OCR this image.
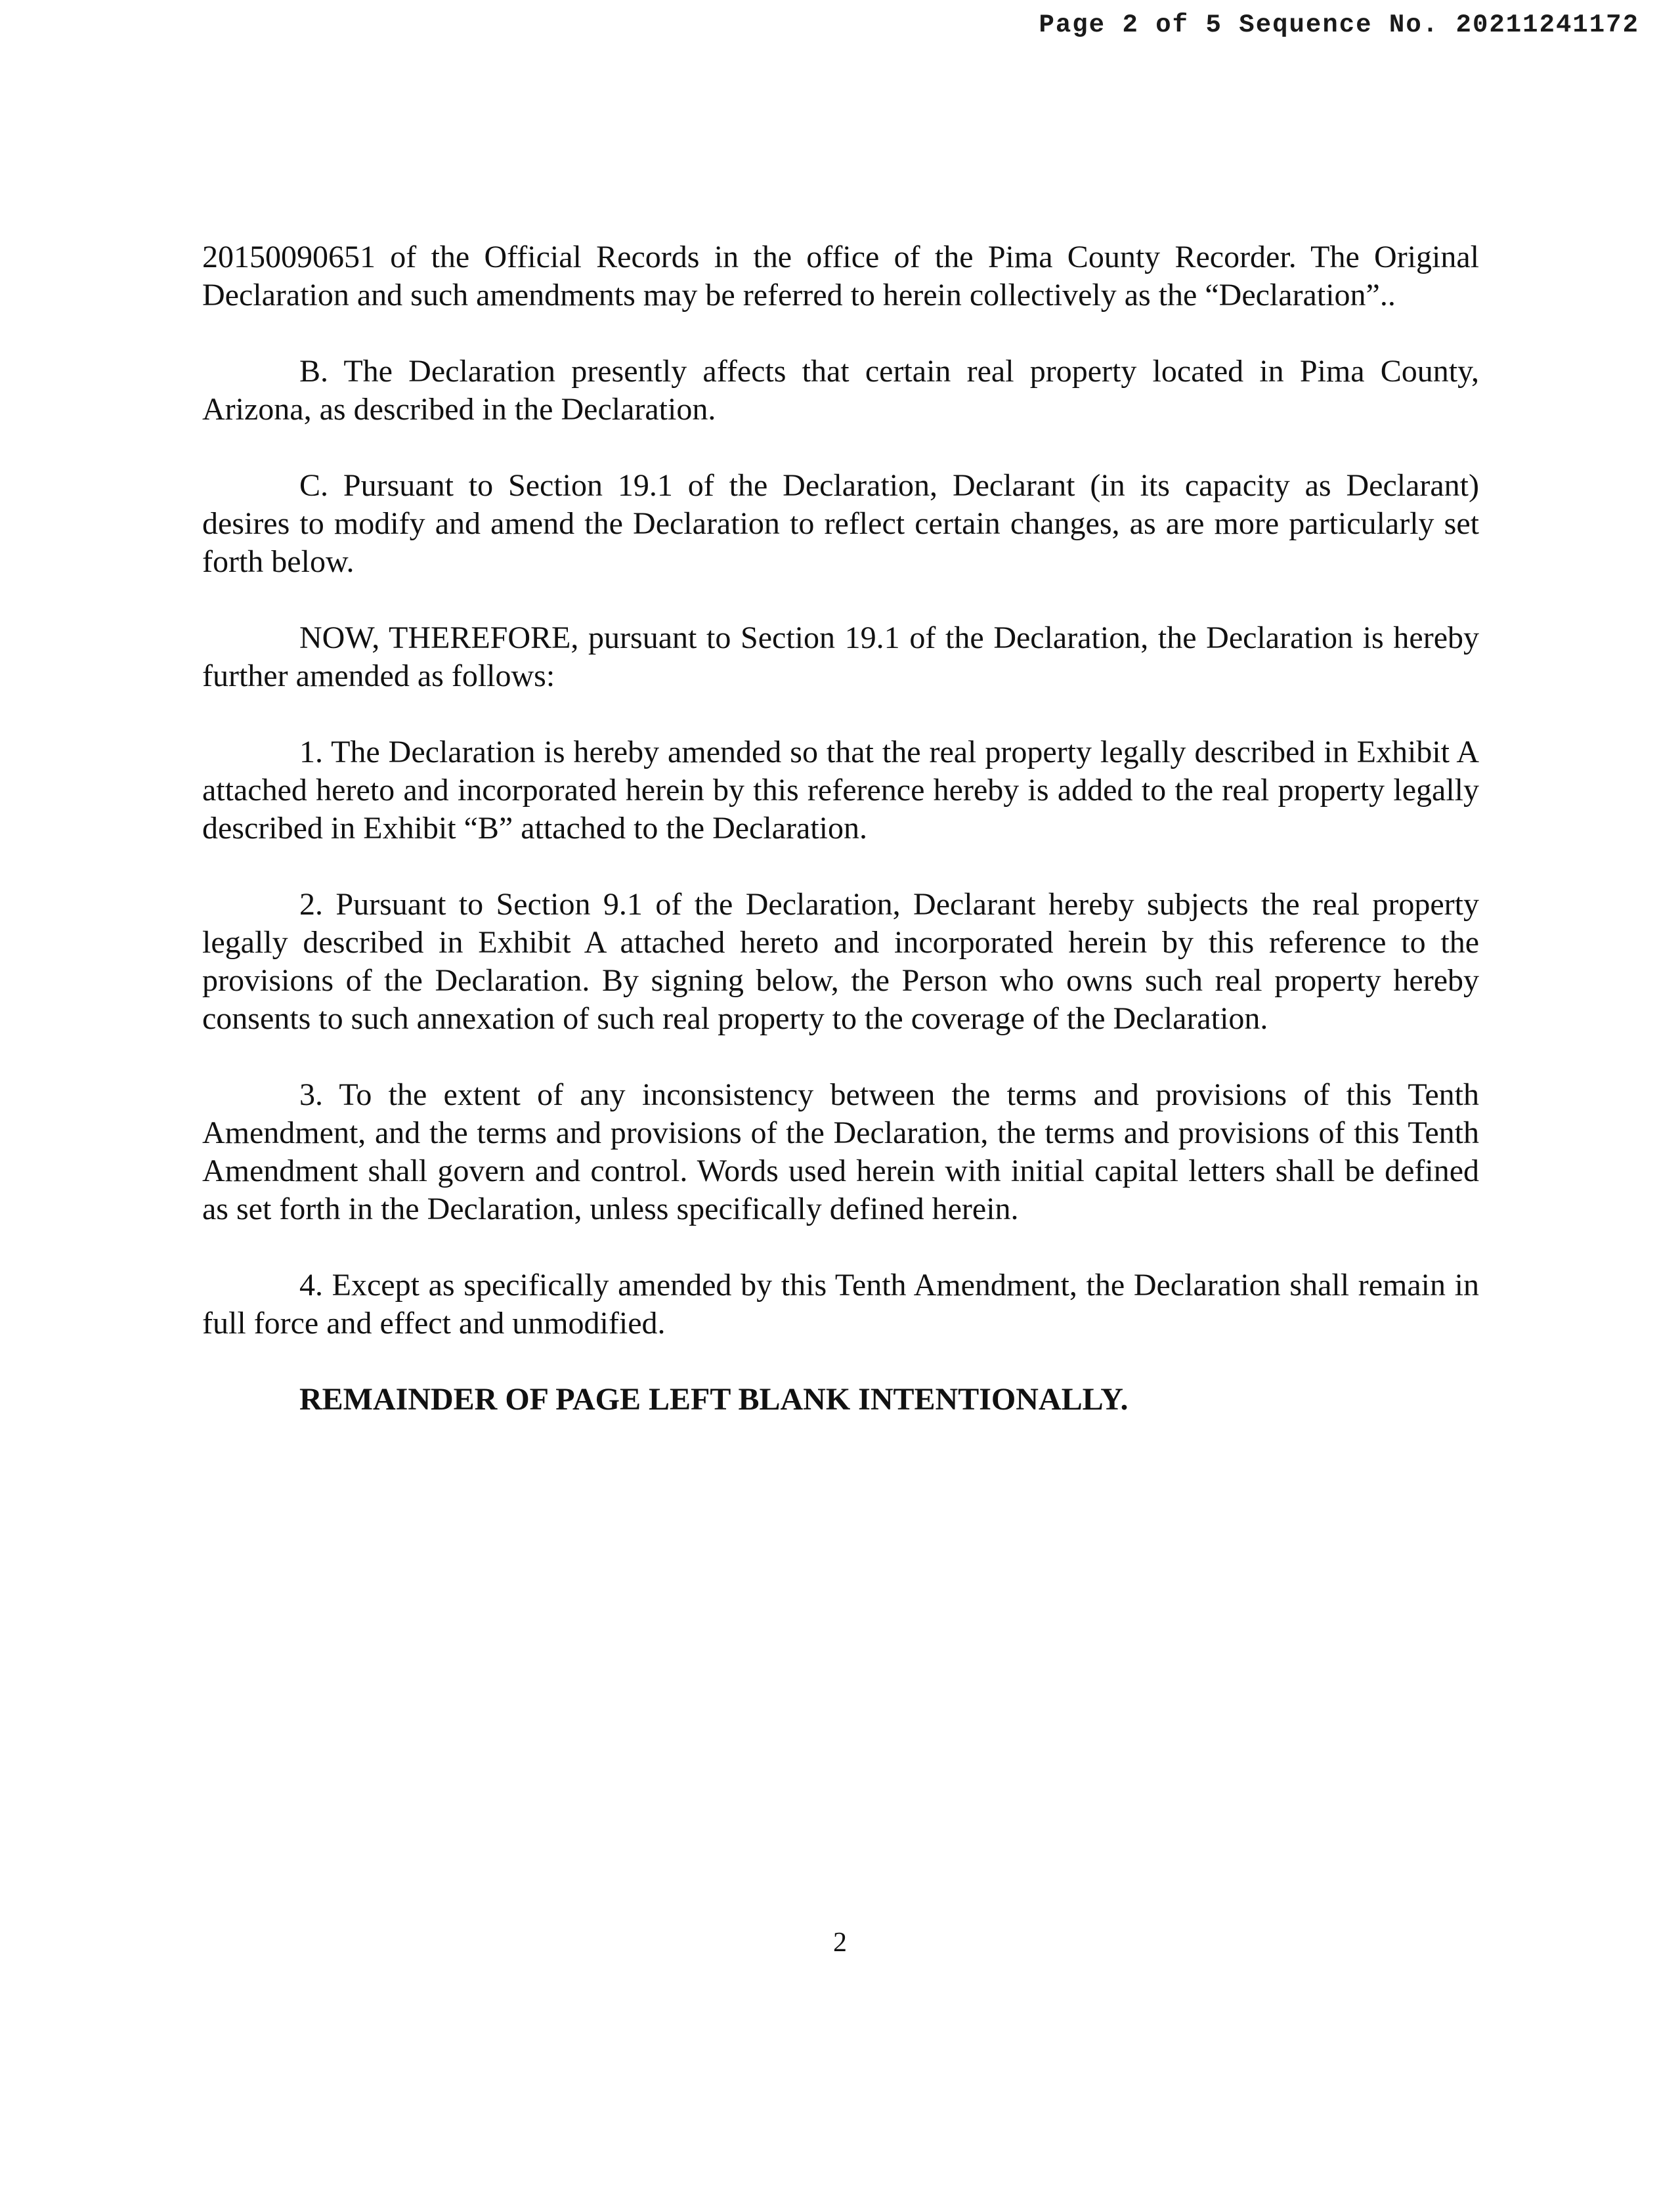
Page 2 of 5 Sequence No. 20211241172

20150090651 of the Official Records in the office of the Pima County Recorder. The Original Declaration and such amendments may be referred to herein collectively as the “Declaration”..

B. The Declaration presently affects that certain real property located in Pima County, Arizona, as described in the Declaration.

C. Pursuant to Section 19.1 of the Declaration, Declarant (in its capacity as Declarant) desires to modify and amend the Declaration to reflect certain changes, as are more particularly set forth below.

NOW, THEREFORE, pursuant to Section 19.1 of the Declaration, the Declaration is hereby further amended as follows:

1. The Declaration is hereby amended so that the real property legally described in Exhibit A attached hereto and incorporated herein by this reference hereby is added to the real property legally described in Exhibit “B” attached to the Declaration.

2. Pursuant to Section 9.1 of the Declaration, Declarant hereby subjects the real property legally described in Exhibit A attached hereto and incorporated herein by this reference to the provisions of the Declaration. By signing below, the Person who owns such real property hereby consents to such annexation of such real property to the coverage of the Declaration.

3. To the extent of any inconsistency between the terms and provisions of this Tenth Amendment, and the terms and provisions of the Declaration, the terms and provisions of this Tenth Amendment shall govern and control. Words used herein with initial capital letters shall be defined as set forth in the Declaration, unless specifically defined herein.

4. Except as specifically amended by this Tenth Amendment, the Declaration shall remain in full force and effect and unmodified.

REMAINDER OF PAGE LEFT BLANK INTENTIONALLY.

2
